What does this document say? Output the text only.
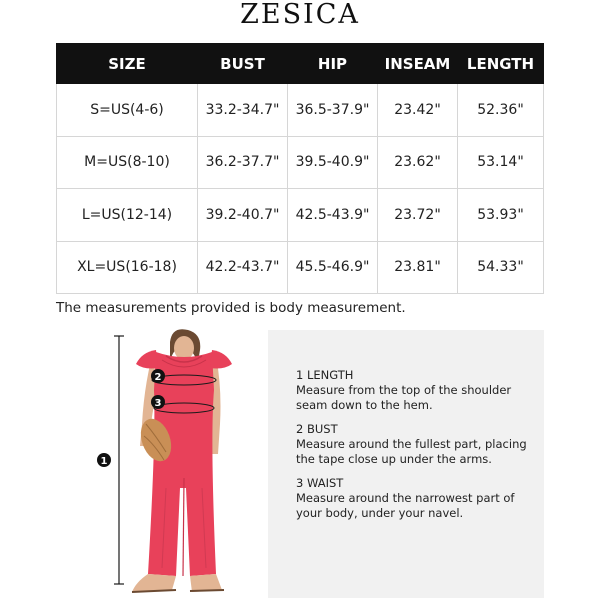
ZESICA
SIZE	BUST	HIP	INSEAM	LENGTH
S=US(4-6)	33.2-34.7"	36.5-37.9"	23.42"	52.36"
M=US(8-10)	36.2-37.7"	39.5-40.9"	23.62"	53.14"
L=US(12-14)	39.2-40.7"	42.5-43.9"	23.72"	53.93"
XL=US(16-18)	42.2-43.7"	45.5-46.9"	23.81"	54.33"
The measurements provided is body measurement.
1
2
3
1 LENGTH
Measure from the top of the shoulder seam down to the hem.
2 BUST
Measure around the fullest part, placing the tape close up under the arms.
3 WAIST
Measure around the narrowest part of your body, under your navel.
